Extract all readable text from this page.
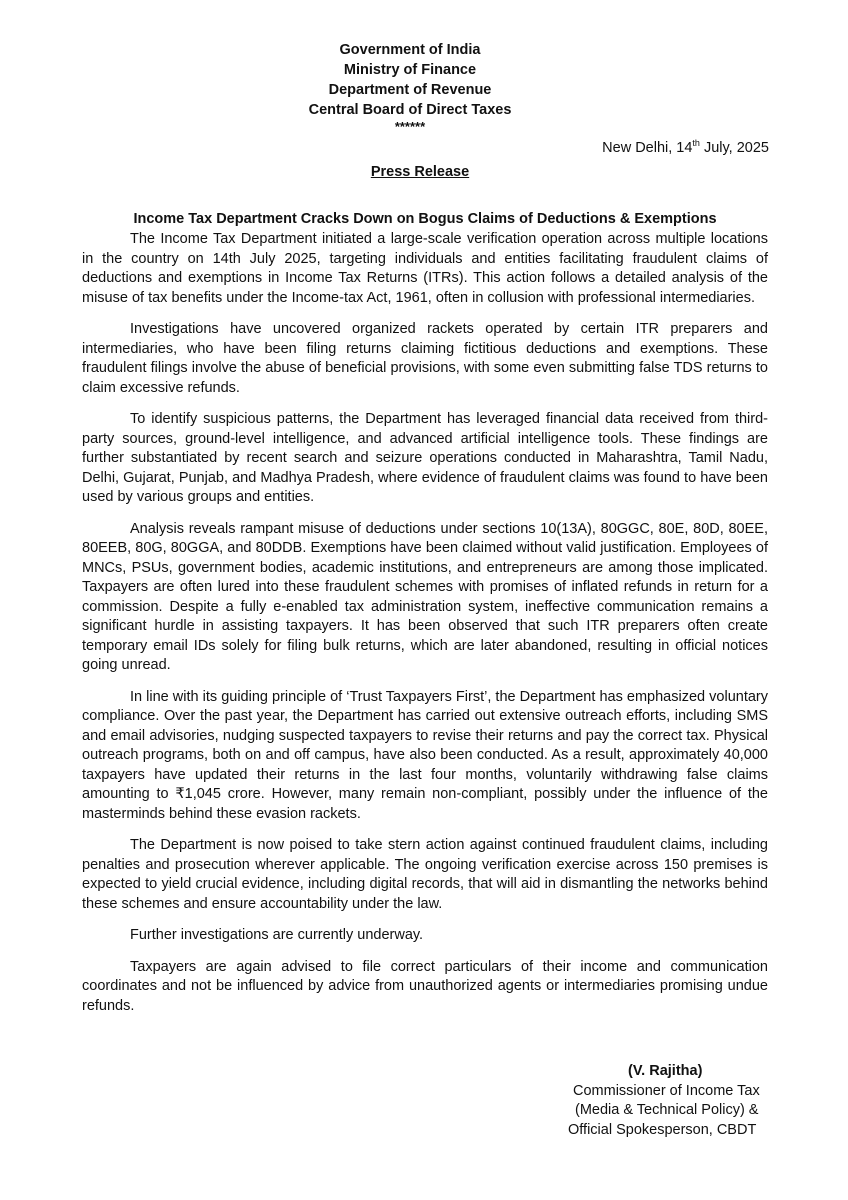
Government of India
Ministry of Finance
Department of Revenue
Central Board of Direct Taxes
******
New Delhi, 14th July, 2025
Press Release
Income Tax Department Cracks Down on Bogus Claims of Deductions & Exemptions

The Income Tax Department initiated a large-scale verification operation across multiple locations in the country on 14th July 2025, targeting individuals and entities facilitating fraudulent claims of deductions and exemptions in Income Tax Returns (ITRs). This action follows a detailed analysis of the misuse of tax benefits under the Income-tax Act, 1961, often in collusion with professional intermediaries.

Investigations have uncovered organized rackets operated by certain ITR preparers and intermediaries, who have been filing returns claiming fictitious deductions and exemptions. These fraudulent filings involve the abuse of beneficial provisions, with some even submitting false TDS returns to claim excessive refunds.

To identify suspicious patterns, the Department has leveraged financial data received from third-party sources, ground-level intelligence, and advanced artificial intelligence tools. These findings are further substantiated by recent search and seizure operations conducted in Maharashtra, Tamil Nadu, Delhi, Gujarat, Punjab, and Madhya Pradesh, where evidence of fraudulent claims was found to have been used by various groups and entities.

Analysis reveals rampant misuse of deductions under sections 10(13A), 80GGC, 80E, 80D, 80EE, 80EEB, 80G, 80GGA, and 80DDB. Exemptions have been claimed without valid justification. Employees of MNCs, PSUs, government bodies, academic institutions, and entrepreneurs are among those implicated. Taxpayers are often lured into these fraudulent schemes with promises of inflated refunds in return for a commission. Despite a fully e-enabled tax administration system, ineffective communication remains a significant hurdle in assisting taxpayers. It has been observed that such ITR preparers often create temporary email IDs solely for filing bulk returns, which are later abandoned, resulting in official notices going unread.

In line with its guiding principle of ‘Trust Taxpayers First’, the Department has emphasized voluntary compliance. Over the past year, the Department has carried out extensive outreach efforts, including SMS and email advisories, nudging suspected taxpayers to revise their returns and pay the correct tax. Physical outreach programs, both on and off campus, have also been conducted. As a result, approximately 40,000 taxpayers have updated their returns in the last four months, voluntarily withdrawing false claims amounting to ₹1,045 crore. However, many remain non-compliant, possibly under the influence of the masterminds behind these evasion rackets.

The Department is now poised to take stern action against continued fraudulent claims, including penalties and prosecution wherever applicable. The ongoing verification exercise across 150 premises is expected to yield crucial evidence, including digital records, that will aid in dismantling the networks behind these schemes and ensure accountability under the law.

Further investigations are currently underway.

Taxpayers are again advised to file correct particulars of their income and communication coordinates and not be influenced by advice from unauthorized agents or intermediaries promising undue refunds.

(V. Rajitha)
Commissioner of Income Tax
(Media & Technical Policy) &
Official Spokesperson, CBDT
